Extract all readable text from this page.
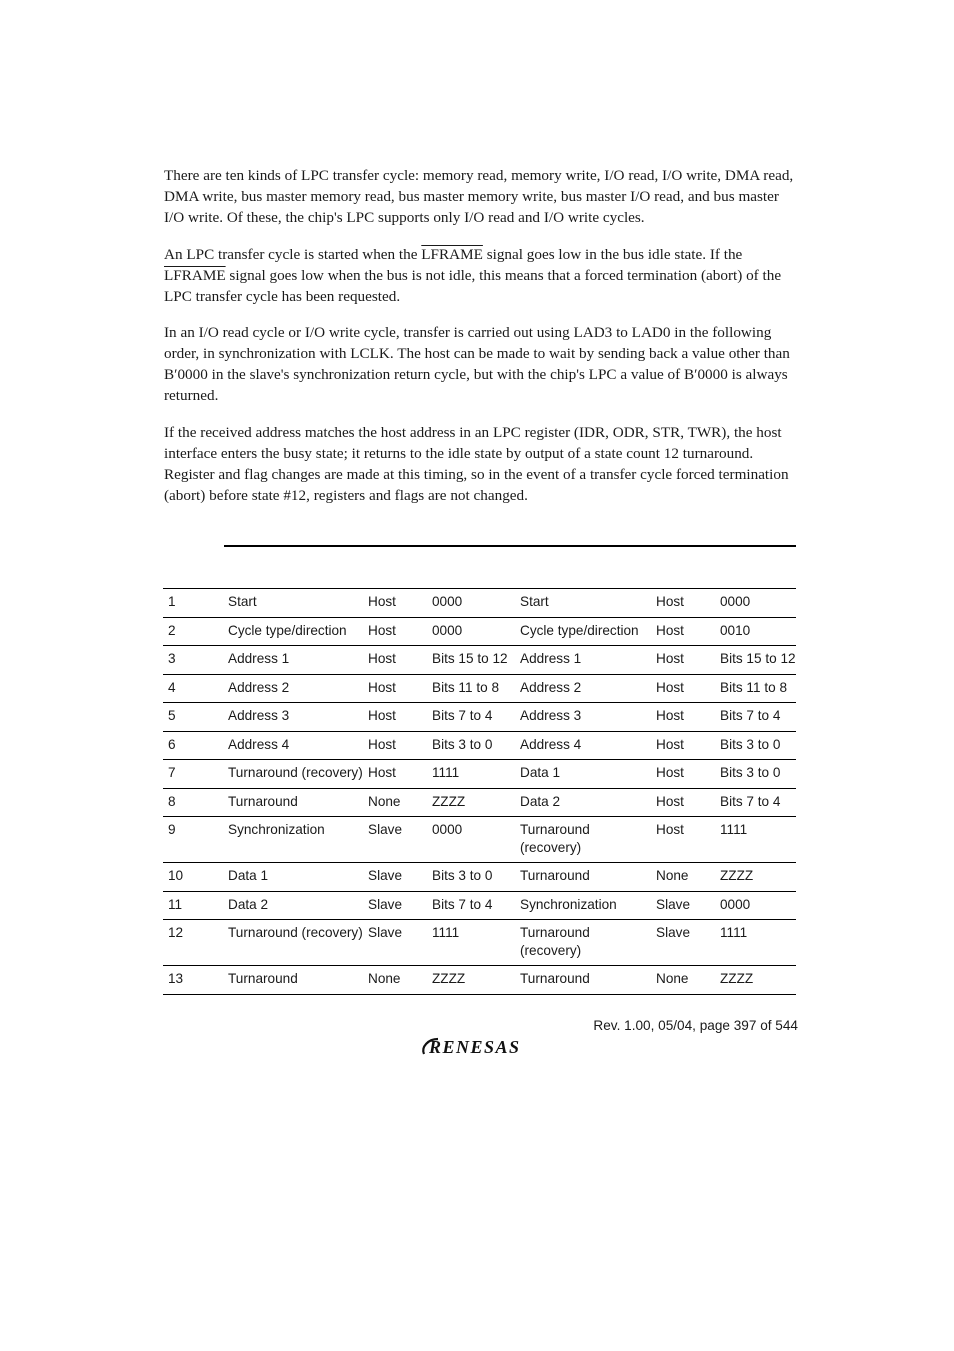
There are ten kinds of LPC transfer cycle: memory read, memory write, I/O read, I/O write, DMA read, DMA write, bus master memory read, bus master memory write, bus master I/O read, and bus master I/O write. Of these, the chip's LPC supports only I/O read and I/O write cycles.

An LPC transfer cycle is started when the LFRAME signal goes low in the bus idle state. If the LFRAME signal goes low when the bus is not idle, this means that a forced termination (abort) of the LPC transfer cycle has been requested.

In an I/O read cycle or I/O write cycle, transfer is carried out using LAD3 to LAD0 in the following order, in synchronization with LCLK. The host can be made to wait by sending back a value other than B′0000 in the slave's synchronization return cycle, but with the chip's LPC a value of B′0000 is always returned.

If the received address matches the host address in an LPC register (IDR, ODR, STR, TWR), the host interface enters the busy state; it returns to the idle state by output of a state count 12 turnaround. Register and flag changes are made at this timing, so in the event of a transfer cycle forced termination (abort) before state #12, registers and flags are not changed.

1	Start	Host	0000	Start	Host	0000
2	Cycle type/direction	Host	0000	Cycle type/direction	Host	0010
3	Address 1	Host	Bits 15 to 12	Address 1	Host	Bits 15 to 12
4	Address 2	Host	Bits 11 to 8	Address 2	Host	Bits 11 to 8
5	Address 3	Host	Bits 7 to 4	Address 3	Host	Bits 7 to 4
6	Address 4	Host	Bits 3 to 0	Address 4	Host	Bits 3 to 0
7	Turnaround (recovery)	Host	1111	Data 1	Host	Bits 3 to 0
8	Turnaround	None	ZZZZ	Data 2	Host	Bits 7 to 4
9	Synchronization	Slave	0000	Turnaround (recovery)	Host	1111
10	Data 1	Slave	Bits 3 to 0	Turnaround	None	ZZZZ
11	Data 2	Slave	Bits 7 to 4	Synchronization	Slave	0000
12	Turnaround (recovery)	Slave	1111	Turnaround (recovery)	Slave	1111
13	Turnaround	None	ZZZZ	Turnaround	None	ZZZZ
Rev. 1.00, 05/04, page 397 of 544
RENESAS
